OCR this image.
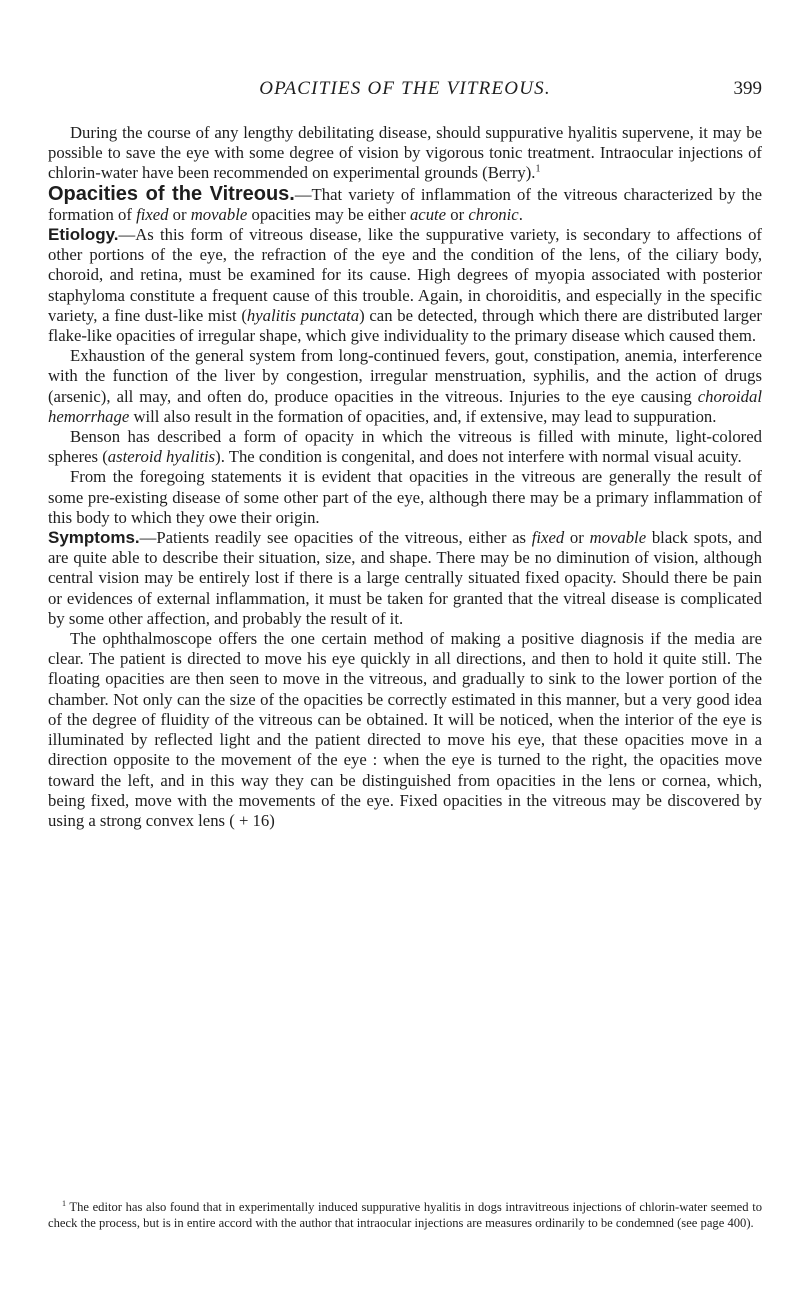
OPACITIES OF THE VITREOUS.	399

During the course of any lengthy debilitating disease, should suppurative hyalitis supervene, it may be possible to save the eye with some degree of vision by vigorous tonic treatment. Intraocular injections of chlorin-water have been recommended on experimental grounds (Berry).$^1$

Opacities of the Vitreous.—That variety of inflammation of the vitreous characterized by the formation of fixed or movable opacities may be either acute or chronic.

Etiology.—As this form of vitreous disease, like the suppurative variety, is secondary to affections of other portions of the eye, the refraction of the eye and the condition of the lens, of the ciliary body, choroid, and retina, must be examined for its cause. High degrees of myopia associated with posterior staphyloma constitute a frequent cause of this trouble. Again, in choroiditis, and especially in the specific variety, a fine dust-like mist (hyalitis punctata) can be detected, through which there are distributed larger flake-like opacities of irregular shape, which give individuality to the primary disease which caused them.

Exhaustion of the general system from long-continued fevers, gout, constipation, anemia, interference with the function of the liver by congestion, irregular menstruation, syphilis, and the action of drugs (arsenic), all may, and often do, produce opacities in the vitreous. Injuries to the eye causing choroidal hemorrhage will also result in the formation of opacities, and, if extensive, may lead to suppuration.

Benson has described a form of opacity in which the vitreous is filled with minute, light-colored spheres (asteroid hyalitis). The condition is congenital, and does not interfere with normal visual acuity.

From the foregoing statements it is evident that opacities in the vitreous are generally the result of some pre-existing disease of some other part of the eye, although there may be a primary inflammation of this body to which they owe their origin.

Symptoms.—Patients readily see opacities of the vitreous, either as fixed or movable black spots, and are quite able to describe their situation, size, and shape. There may be no diminution of vision, although central vision may be entirely lost if there is a large centrally situated fixed opacity. Should there be pain or evidences of external inflammation, it must be taken for granted that the vitreal disease is complicated by some other affection, and probably the result of it.

The ophthalmoscope offers the one certain method of making a positive diagnosis if the media are clear. The patient is directed to move his eye quickly in all directions, and then to hold it quite still. The floating opacities are then seen to move in the vitreous, and gradually to sink to the lower portion of the chamber. Not only can the size of the opacities be correctly estimated in this manner, but a very good idea of the degree of fluidity of the vitreous can be obtained. It will be noticed, when the interior of the eye is illuminated by reflected light and the patient directed to move his eye, that these opacities move in a direction opposite to the movement of the eye : when the eye is turned to the right, the opacities move toward the left, and in this way they can be distinguished from opacities in the lens or cornea, which, being fixed, move with the movements of the eye. Fixed opacities in the vitreous may be discovered by using a strong convex lens ( + 16)

$^1$ The editor has also found that in experimentally induced suppurative hyalitis in dogs intravitreous injections of chlorin-water seemed to check the process, but is in entire accord with the author that intraocular injections are measures ordinarily to be condemned (see page 400).
